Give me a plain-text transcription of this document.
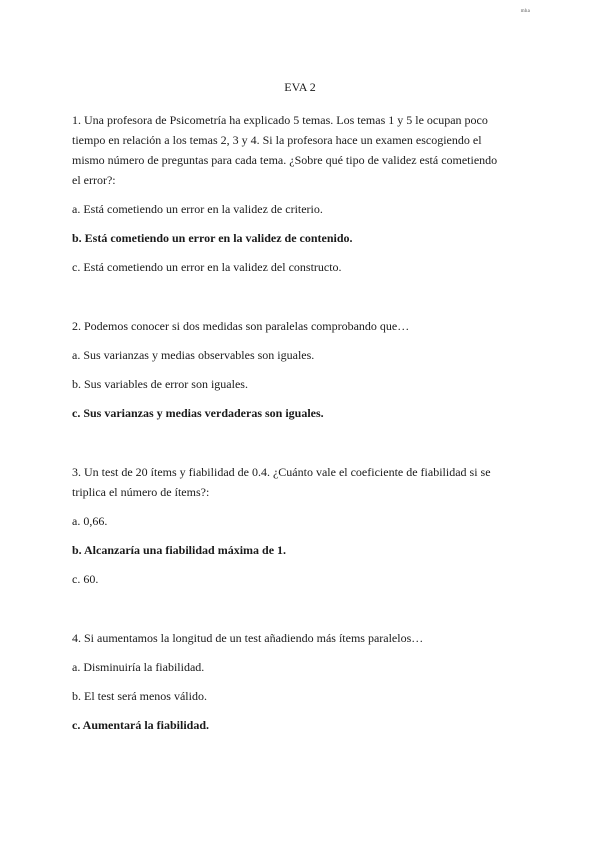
mha
EVA 2

1. Una profesora de Psicometría ha explicado 5 temas. Los temas 1 y 5 le ocupan poco tiempo en relación a los temas 2, 3 y 4. Si la profesora hace un examen escogiendo el mismo número de preguntas para cada tema. ¿Sobre qué tipo de validez está cometiendo el error?:

a. Está cometiendo un error en la validez de criterio.

b. Está cometiendo un error en la validez de contenido.

c. Está cometiendo un error en la validez del constructo.

2. Podemos conocer si dos medidas son paralelas comprobando que…

a. Sus varianzas y medias observables son iguales.

b. Sus variables de error son iguales.

c. Sus varianzas y medias verdaderas son iguales.

3. Un test de 20 ítems y fiabilidad de 0.4. ¿Cuánto vale el coeficiente de fiabilidad si se triplica el número de ítems?:

a. 0,66.

b. Alcanzaría una fiabilidad máxima de 1.

c. 60.

4. Si aumentamos la longitud de un test añadiendo más ítems paralelos…

a. Disminuiría la fiabilidad.

b. El test será menos válido.

c. Aumentará la fiabilidad.
